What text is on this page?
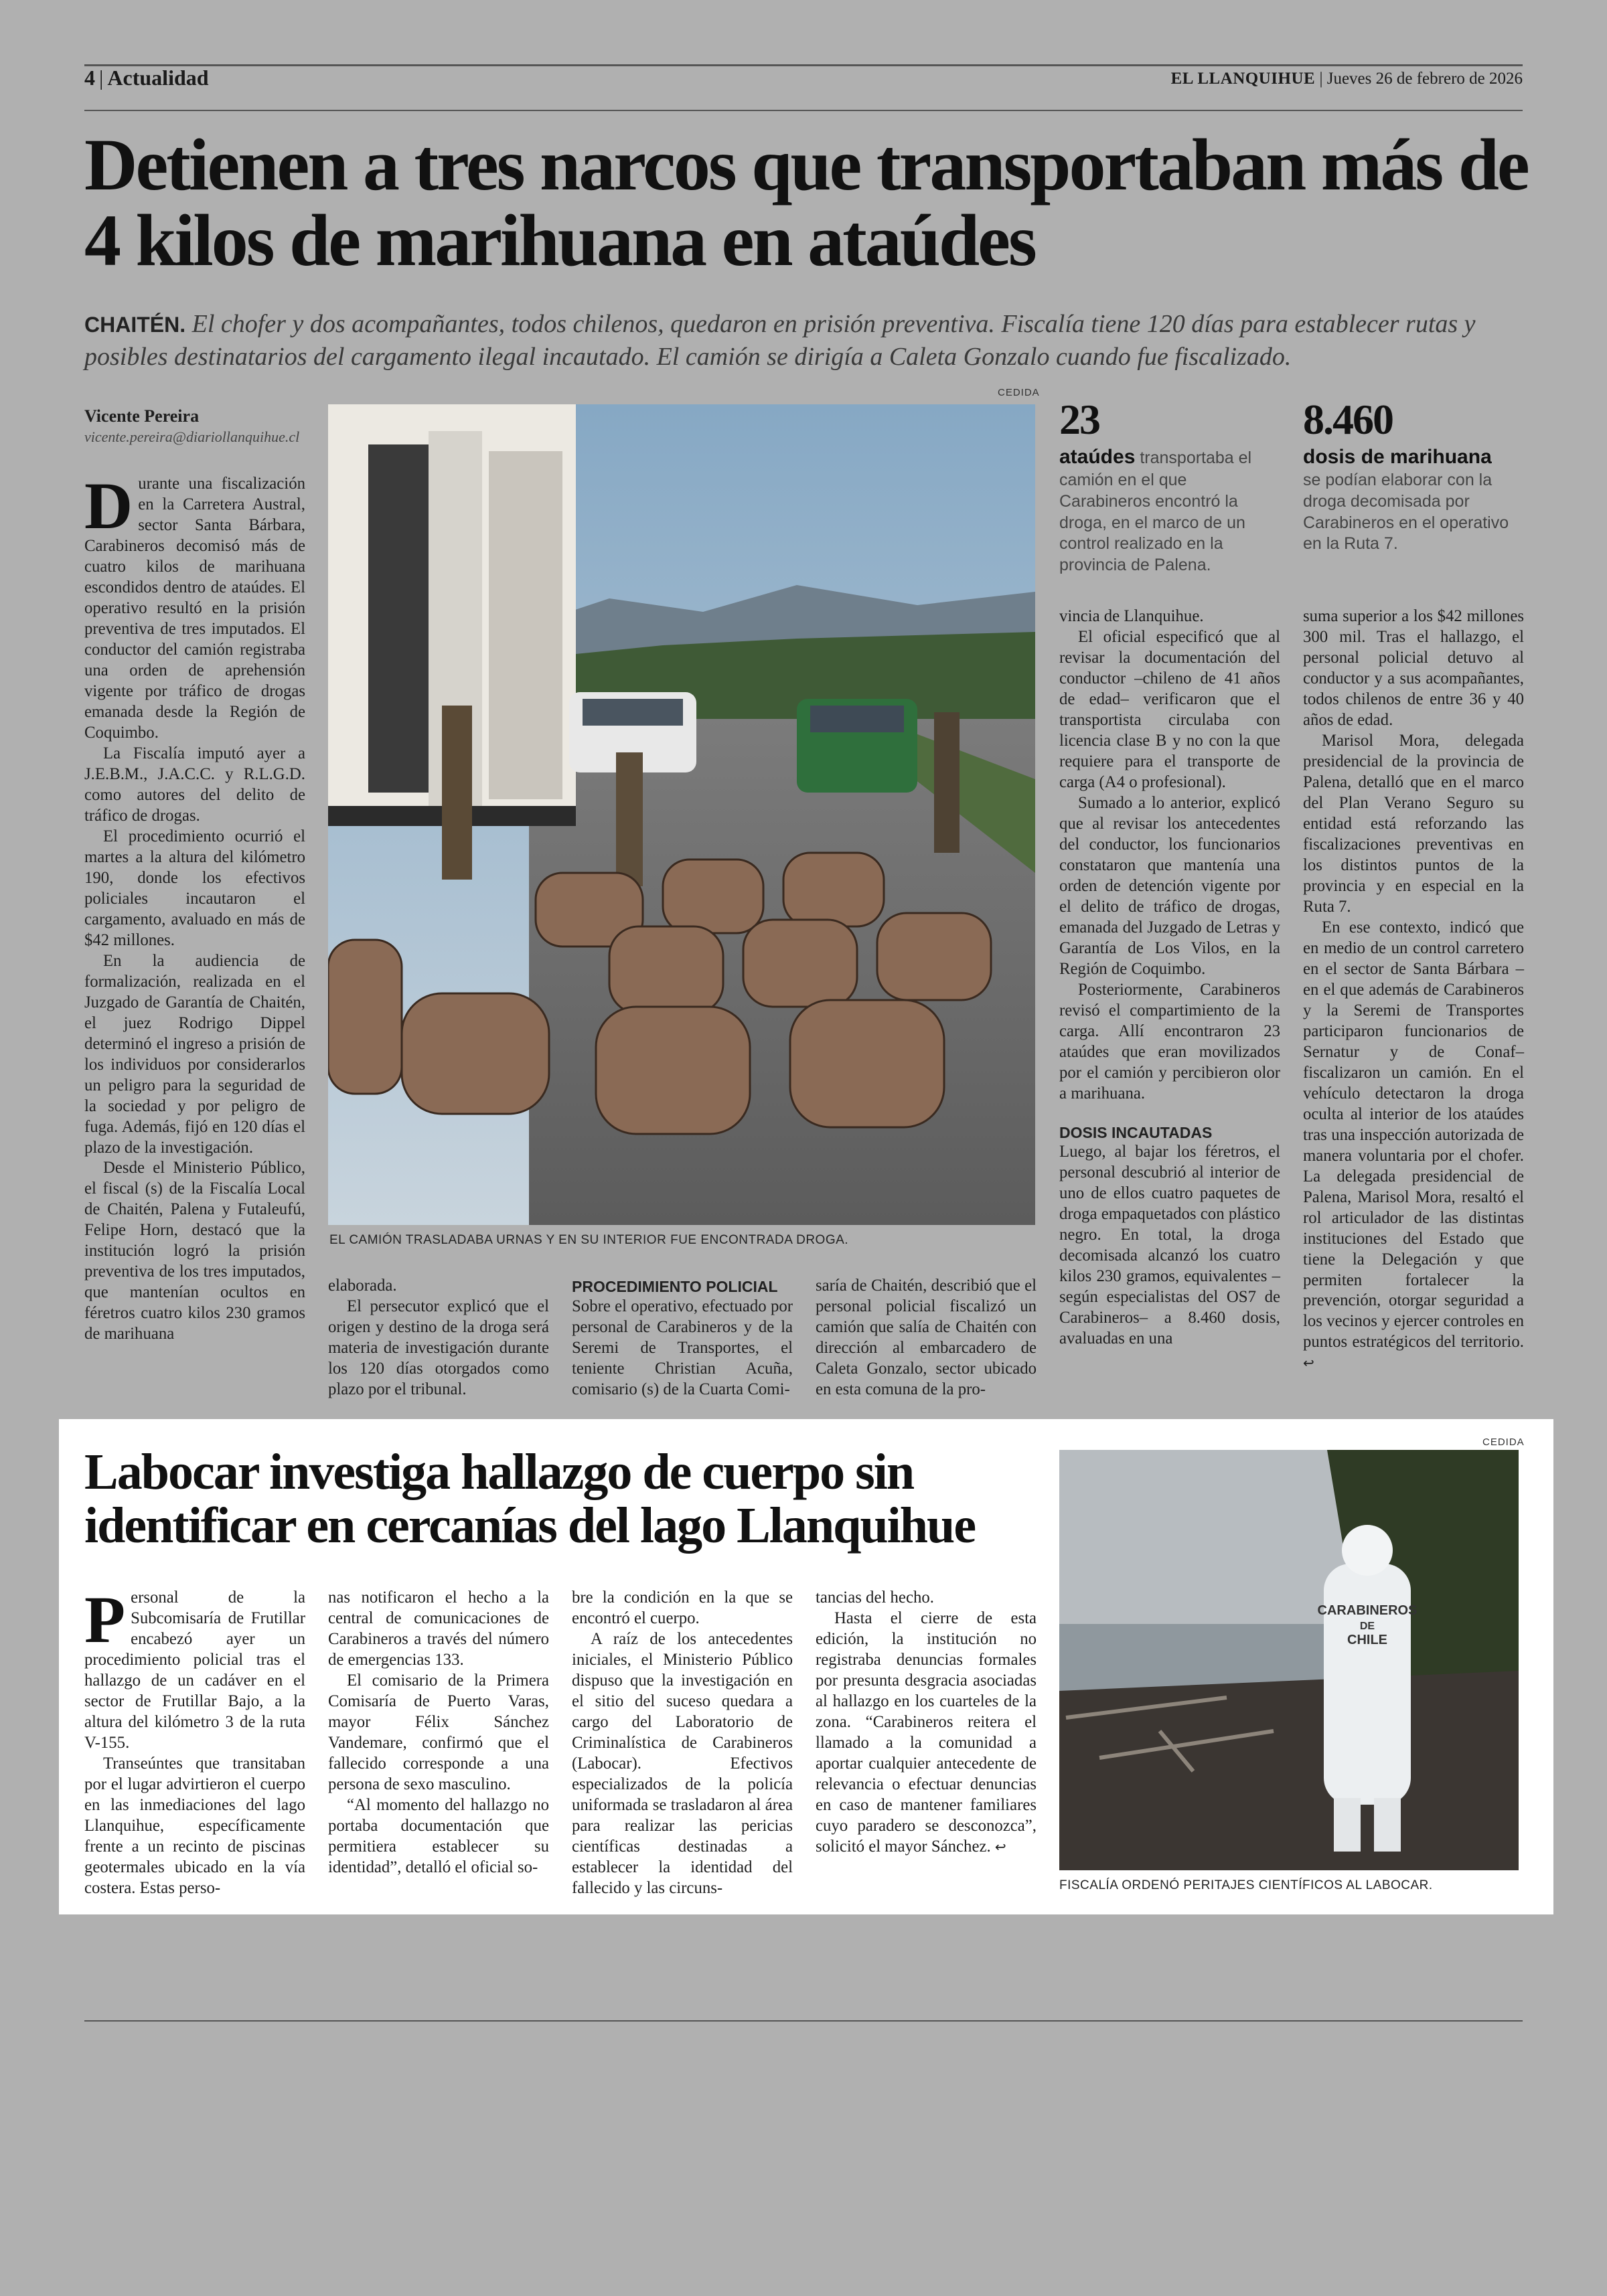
4 | Actualidad	EL LLANQUIHUE | Jueves 26 de febrero de 2026
Detienen a tres narcos que transportaban más de 4 kilos de marihuana en ataúdes
CHAITÉN. El chofer y dos acompañantes, todos chilenos, quedaron en prisión preventiva. Fiscalía tiene 120 días para establecer rutas y posibles destinatarios del cargamento ilegal incautado. El camión se dirigía a Caleta Gonzalo cuando fue fiscalizado.

Vicente Pereira

vicente.pereira@diariollanquihue.cl

Durante una fiscalización en la Carretera Austral, sector Santa Bárbara, Carabineros decomisó más de cuatro kilos de marihuana escondidos dentro de ataúdes. El operativo resultó en la prisión preventiva de tres imputados. El conductor del camión registraba una orden de aprehensión vigente por tráfico de drogas emanada desde la Región de Coquimbo.

La Fiscalía imputó ayer a J.E.B.M., J.A.C.C. y R.L.G.D. como autores del delito de tráfico de drogas.

El procedimiento ocurrió el martes a la altura del kilómetro 190, donde los efectivos policiales incautaron el cargamento, avaluado en más de $42 millones.

En la audiencia de formalización, realizada en el Juzgado de Garantía de Chaitén, el juez Rodrigo Dippel determinó el ingreso a prisión de los individuos por considerarlos un peligro para la seguridad de la sociedad y por peligro de fuga. Además, fijó en 120 días el plazo de la investigación.

Desde el Ministerio Público, el fiscal (s) de la Fiscalía Local de Chaitén, Palena y Futaleufú, Felipe Horn, destacó que la institución logró la prisión preventiva de los tres imputados, que mantenían ocultos en féretros cuatro kilos 230 gramos de marihuana

CEDIDA
EL CAMIÓN TRASLADABA URNAS Y EN SU INTERIOR FUE ENCONTRADA DROGA.
23
ataúdes transportaba el camión en el que Carabineros encontró la droga, en el marco de un control realizado en la provincia de Palena.
8.460
dosis de marihuana
se podían elaborar con la droga decomisada por Carabineros en el operativo en la Ruta 7.

elaborada.

El persecutor explicó que el origen y destino de la droga será materia de investigación durante los 120 días otorgados como plazo por el tribunal.

PROCEDIMIENTO POLICIAL

Sobre el operativo, efectuado por personal de Carabineros y de la Seremi de Transportes, el teniente Christian Acuña, comisario (s) de la Cuarta Comi-

saría de Chaitén, describió que el personal policial fiscalizó un camión que salía de Chaitén con dirección al embarcadero de Caleta Gonzalo, sector ubicado en esta comuna de la pro-

vincia de Llanquihue.

El oficial especificó que al revisar la documentación del conductor –chileno de 41 años de edad– verificaron que el transportista circulaba con licencia clase B y no con la que requiere para el transporte de carga (A4 o profesional).

Sumado a lo anterior, explicó que al revisar los antecedentes del conductor, los funcionarios constataron que mantenía una orden de detención vigente por el delito de tráfico de drogas, emanada del Juzgado de Letras y Garantía de Los Vilos, en la Región de Coquimbo.

Posteriormente, Carabineros revisó el compartimiento de la carga. Allí encontraron 23 ataúdes que eran movilizados por el camión y percibieron olor a marihuana.

DOSIS INCAUTADAS

Luego, al bajar los féretros, el personal descubrió al interior de uno de ellos cuatro paquetes de droga empaquetados con plástico negro. En total, la droga decomisada alcanzó los cuatro kilos 230 gramos, equivalentes –según especialistas del OS7 de Carabineros– a 8.460 dosis, avaluadas en una

suma superior a los $42 millones 300 mil. Tras el hallazgo, el personal policial detuvo al conductor y a sus acompañantes, todos chilenos de entre 36 y 40 años de edad.

Marisol Mora, delegada presidencial de la provincia de Palena, detalló que en el marco del Plan Verano Seguro su entidad está reforzando las fiscalizaciones preventivas en los distintos puntos de la provincia y en especial en la Ruta 7.

En ese contexto, indicó que en medio de un control carretero en el sector de Santa Bárbara –en el que además de Carabineros y la Seremi de Transportes participaron funcionarios de Sernatur y de Conaf– fiscalizaron un camión. En el vehículo detectaron la droga oculta al interior de los ataúdes tras una inspección autorizada de manera voluntaria por el chofer. La delegada presidencial de Palena, Marisol Mora, resaltó el rol articulador de las distintas instituciones del Estado que tiene la Delegación y que permiten fortalecer la prevención, otorgar seguridad a los vecinos y ejercer controles en puntos estratégicos del territorio. ↩

Labocar investiga hallazgo de cuerpo sin identificar en cercanías del lago Llanquihue
CEDIDA
CARABINEROS
DE
CHILE
FISCALÍA ORDENÓ PERITAJES CIENTÍFICOS AL LABOCAR.

Personal de la Subcomisaría de Frutillar encabezó ayer un procedimiento policial tras el hallazgo de un cadáver en el sector de Frutillar Bajo, a la altura del kilómetro 3 de la ruta V-155.

Transeúntes que transitaban por el lugar advirtieron el cuerpo en las inmediaciones del lago Llanquihue, específicamente frente a un recinto de piscinas geotermales ubicado en la vía costera. Estas perso-

nas notificaron el hecho a la central de comunicaciones de Carabineros a través del número de emergencias 133.

El comisario de la Primera Comisaría de Puerto Varas, mayor Félix Sánchez Vandemare, confirmó que el fallecido corresponde a una persona de sexo masculino.

“Al momento del hallazgo no portaba documentación que permitiera establecer su identidad”, detalló el oficial so-

bre la condición en la que se encontró el cuerpo.

A raíz de los antecedentes iniciales, el Ministerio Público dispuso que la investigación en el sitio del suceso quedara a cargo del Laboratorio de Criminalística de Carabineros (Labocar). Efectivos especializados de la policía uniformada se trasladaron al área para realizar las pericias científicas destinadas a establecer la identidad del fallecido y las circuns-

tancias del hecho.

Hasta el cierre de esta edición, la institución no registraba denuncias formales por presunta desgracia asociadas al hallazgo en los cuarteles de la zona. “Carabineros reitera el llamado a la comunidad a aportar cualquier antecedente de relevancia o efectuar denuncias en caso de mantener familiares cuyo paradero se desconozca”, solicitó el mayor Sánchez. ↩
